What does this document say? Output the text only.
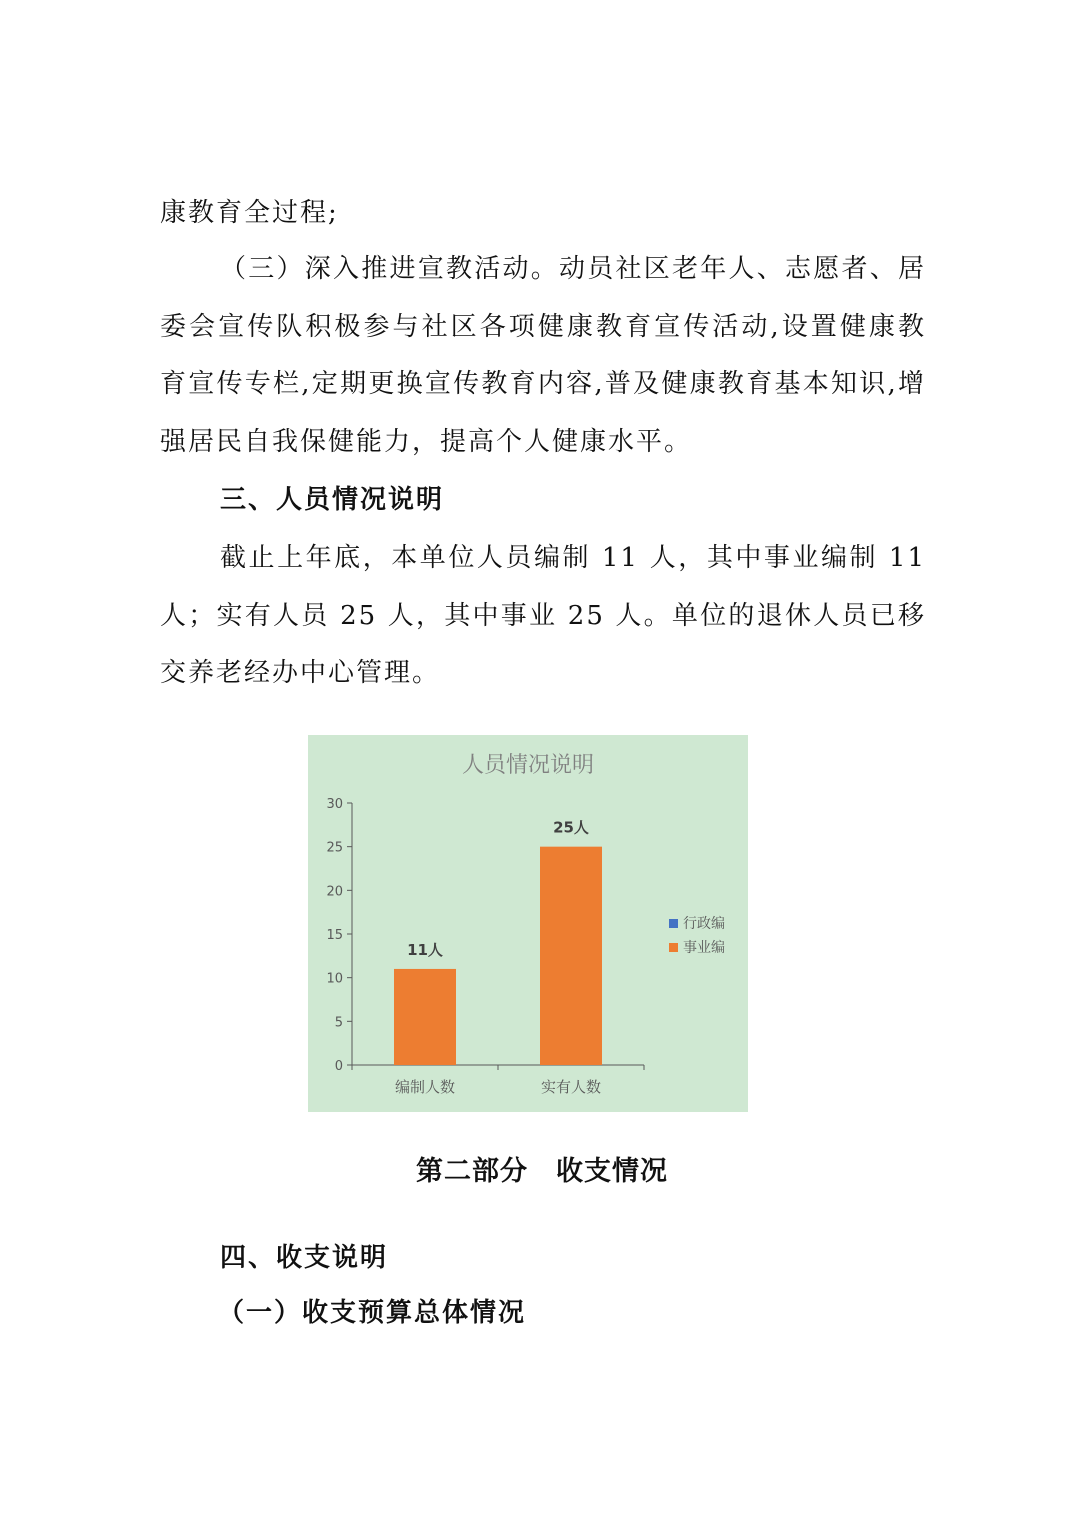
康教育全过程;

（三）深入推进宣教活动。动员社区老年人、志愿者、居委会宣传队积极参与社区各项健康教育宣传活动,设置健康教育宣传专栏,定期更换宣传教育内容,普及健康教育基本知识,增强居民自我保健能力，提高个人健康水平。

三、人员情况说明

截止上年底，本单位人员编制 11 人，其中事业编制 11 人；实有人员 25 人，其中事业 25 人。单位的退休人员已移交养老经办中心管理。

人员情况说明
0
5
10
15
20
25
30
编制人数	实有人数
11人
25人
行政编
事业编
第二部分　收支情况
四、收支说明
（一）收支预算总体情况
